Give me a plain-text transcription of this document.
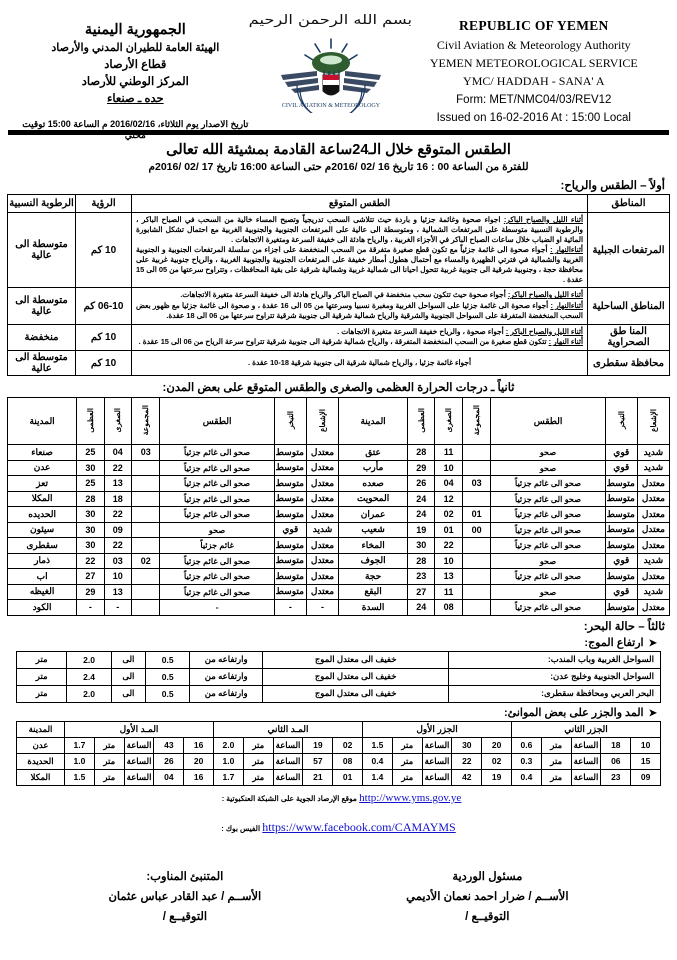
الجمهورية اليمنية
الهيئة العامة للطيران المدني والأرصاد
قطاع الأرصاد
المركز الوطني للأرصاد
حده ـ صنعاء
تاريخ الاصدار يوم الثلاثاء، 2016/02/16 م الساعة 15:00 توقيت محلي
بسم الله الرحمن الرحيم
CIVIL AVIATION & METEOROLOGY
REPUBLIC OF YEMEN
Civil Aviation & Meteorology Authority
YEMEN METEOROLOGICAL SERVICE
YMC/ HADDAH - SANA' A
Form: MET/NMC04/03/REV12
Issued on 16-02-2016 At : 15:00 Local
الطقس المتوقع خلال الـ24ساعة القادمة بمشيئة الله تعالى
للفترة من الساعة 00 : 16 تاريخ 16 /02 /2016م حتى الساعة 16:00 تاريخ 17 /02 /2016م
أولاً – الطقس والرياح:
المناطق	الطقس المتوقع	الرؤية	الرطوبة النسبية
المرتفعات الجبلية	أثناء الليل والصباح الباكر: اجواء صحوة وغائمة جزئيا و باردة حيث تتلاشى السحب تدريجياً وتصبح المساء خالية من السحب في الصباح الباكر ، والرطوبة النسبية متوسطة على المرتفعات الشمالية ، ومتوسطة الى عالية على المرتفعات الجنوبية والجنوبية الغربية مع احتمال تشكل الشابورة المائية او الضباب خلال ساعات الصباح الباكر في الأجزاء الغربية ، والرياح هادئة الى خفيفة السرعة ومتغيرة الاتجاهات .

أثناءالنهار : أجواء صحوة الى غائمة جزئياً مع تكون قطع صغيرة متفرقة من السحب المنخفضة على اجزاء من سلسلة المرتفعات الجنوبية و الجنوبية الغربية والشمالية في فترتي الظهيرة والمساء مع أحتمال هطول أمطار خفيفة على المرتفعات الجنوبية والجنوبية الغربية ، والرياح جنوبية غربية على محافظة حجة ، وجنوبية شرقية الى جنوبية غربية تتحول احيانا الى شمالية غربية وشمالية شرقية على بقية المحافظات ، وتتراوح سرعتها من 05 الى 15 عقدة .	10 كم	متوسطة الى عالية
المناطق الساحلية	أثناء الليل والصباح الباكر: أجواء صحوة حيث تتكون سحب منخفضة في الصباح الباكر والرياح هادئة الى خفيفة السرعة متغيرة الاتجاهات.

أثناءالنهار : أجواء صحوة الى غائمة جزئيا على السواحل الغربية ومغبرة نسبيا وسرعتها من 05 الى 16 عقدة ، و صحوة الى غائمة جزئيا مع ظهور بعض السحب المنخفضة المتفرقة على السواحل الجنوبية والشرقية والرياح شمالية شرقية الى جنوبية شرقية تتراوح سرعتها من 06 الى 18 عقدة.	06-10 كم	متوسطة الى عالية
المنا طق الصحراوية	أثناء الليل والصباح الباكر : أجواء صحوة ، والرياح خفيفة السرعة متغيرة الاتجاهات .

أثناء النهار : تتكون قطع صغيرة من السحب المنخفضة المتفرقة ، والرياح شمالية شرقية الى جنوبية شرقية تتراوح سرعة الرياح من 06 الى 15 عقدة .	10 كم	منخفضة
محافظة سقطرى	أجواء غائمة جزئيا ، والرياح شمالية شرقية الى جنوبية شرقية 18-10 عقدة .	10 كم	متوسطة الى عالية
ثانياً ـ درجات الحرارة العظمى والصغرى والطقس المتوقع على بعض المدن:
الإشعاع	التبخر	الطقس	المجموعة	الصغرى	العظمى	المدينة	الإشعاع	التبخر	الطقس	المجموعة	الصغرى	العظمى	المدينة
شديد	قوي	صحو		11	28	عتق	معتدل	متوسط	صحو الى غائم جزئياً	03	04	25	صنعاء
شديد	قوي	صحو		10	29	مأرب	معتدل	متوسط	صحو الى غائم جزئياً		22	30	عدن
معتدل	متوسط	صحو الى غائم جزئياً	03	04	26	صعده	معتدل	متوسط	صحو الى غائم جزئياً		13	25	تعز
معتدل	متوسط	صحو الى غائم جزئياً		12	24	المحويت	معتدل	متوسط	صحو الى غائم جزئياً		18	28	المكلا
معتدل	متوسط	صحو الى غائم جزئياً	01	02	24	عمران	معتدل	متوسط	صحو الى غائم جزئياً		22	30	الحديده
معتدل	متوسط	صحو الى غائم جزئياً	00	01	19	شعيب	شديد	قوي	صحو		09	30	سيئون
معتدل	متوسط	صحو الى غائم جزئياً		22	30	المخاء	معتدل	متوسط	غائم جزئياً		22	30	سقطرى
شديد	قوي	صحو		10	28	الجوف	معتدل	متوسط	صحو الى غائم جزئياً	02	03	22	ذمار
معتدل	متوسط	صحو الى غائم جزئياً		13	23	حجة	معتدل	متوسط	صحو الى غائم جزئياً		10	27	اب
شديد	قوي	صحو		11	27	البقع	معتدل	متوسط	صحو الى غائم جزئياً		13	29	الغيظه
معتدل	متوسط	صحو الى غائم جزئياً		08	24	السدة	-	-	-		-	-	الكود
ثالثاً – حالة البحر:
➤ارتفاع الموج:
السواحل الغربية وباب المندب:	خفيف الى معتدل الموج	وارتفاعه من	0.5	الى	2.0	متر
السواحل الجنوبية وخليج عدن:	خفيف الى معتدل الموج	وارتفاعه من	0.5	الى	2.4	متر
البحر العربي ومحافظة سقطرى:	خفيف الى معتدل الموج	وارتفاعه من	0.5	الى	2.0	متر
➤المد والجزر على بعض الموانئ:
الجزر الثاني					الجزر الأول					المـد الثاني					المـد الأول					المدينة
10	18	الساعة	متر	0.6	20	30	الساعة	متر	1.5	02	19	الساعة	متر	2.0	16	43	الساعة	متر	1.7	عدن
15	06	الساعة	متر	0.3	02	22	الساعة	متر	0.4	08	57	الساعة	متر	1.0	20	26	الساعة	متر	1.0	الحديدة
09	23	الساعة	متر	0.4	19	42	الساعة	متر	1.4	01	21	الساعة	متر	1.7	16	04	الساعة	متر	1.5	المكلا
http://www.yms.gov.ye موقع الإرصاد الجوية على الشبكة العنكبوتية :
https://www.facebook.com/CAMAYMS الفيس بوك :
المتنبئ المناوب:
الأســم / عبد القادر عباس عثمان
التوقيــع /
مسئول الوردية
الأســم / ضرار احمد نعمان الأديمي
التوقيــع /
